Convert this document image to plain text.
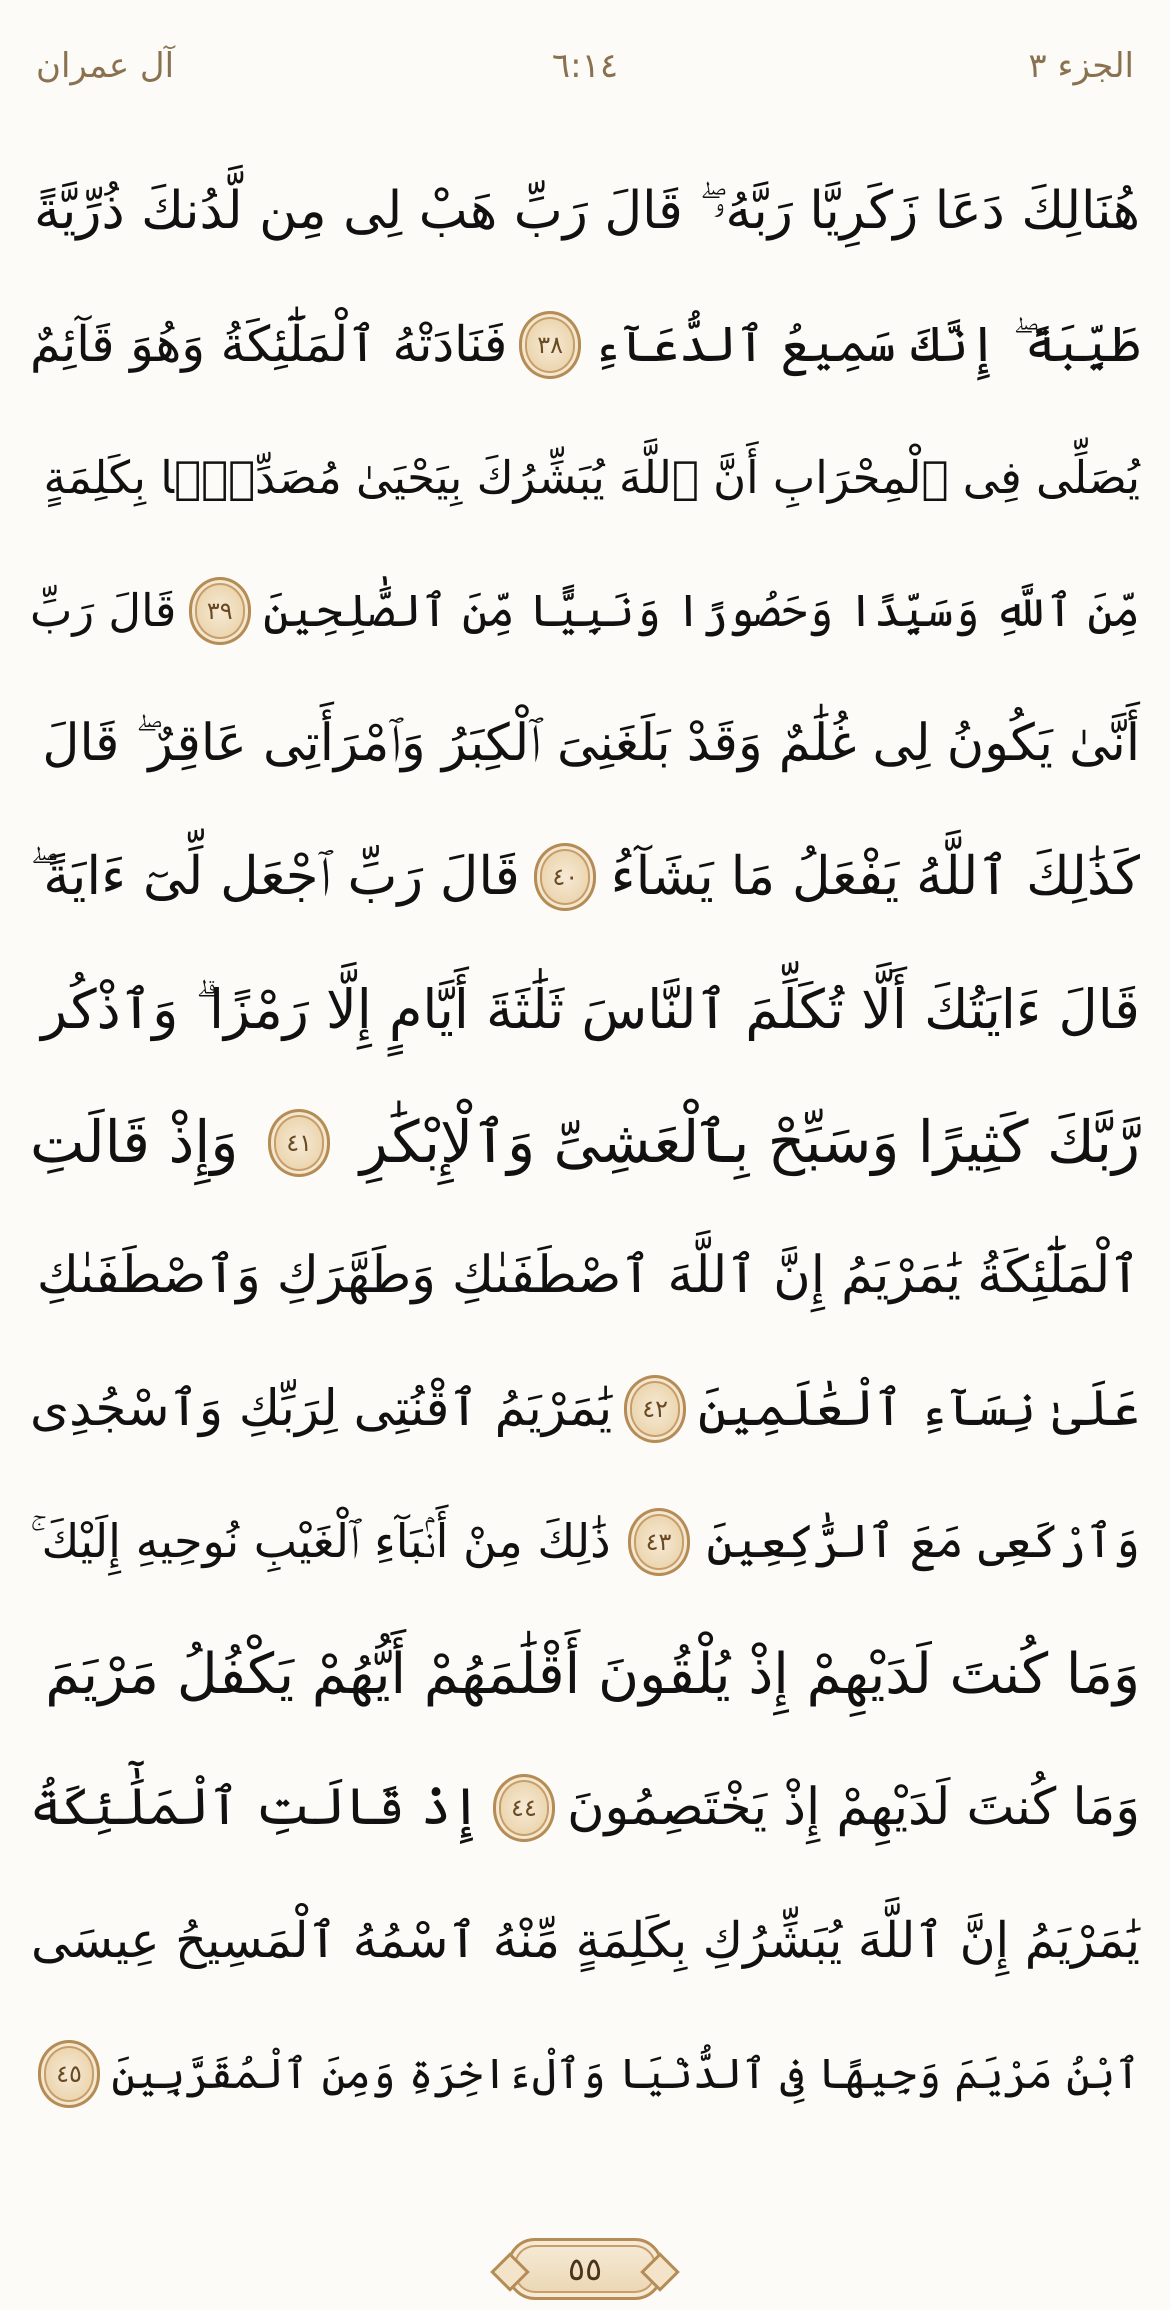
آل عمران	٦:١٤	الجزء ٣
هُنَالِكَ دَعَا زَكَرِيَّا رَبَّهُۥ ۖ قَالَ رَبِّ هَبْ لِى مِن لَّدُنكَ ذُرِّيَّةً
طَيِّبَةً ۖ إِنَّكَ سَمِيعُ ٱلدُّعَآءِ
٣٨
فَنَادَتْهُ ٱلْمَلَٰٓئِكَةُ وَهُوَ قَآئِمٌ
يُصَلِّى فِى ٱلْمِحْرَابِ أَنَّ ٱللَّهَ يُبَشِّرُكَ بِيَحْيَىٰ مُصَدِّقًۢا بِكَلِمَةٍ
مِّنَ ٱللَّهِ وَسَيِّدًا وَحَصُورًا وَنَبِيًّا مِّنَ ٱلصَّٰلِحِينَ
٣٩
قَالَ رَبِّ
أَنَّىٰ يَكُونُ لِى غُلَٰمٌ وَقَدْ بَلَغَنِىَ ٱلْكِبَرُ وَٱمْرَأَتِى عَاقِرٌ ۖ قَالَ
كَذَٰلِكَ ٱللَّهُ يَفْعَلُ مَا يَشَآءُ
٤٠
قَالَ رَبِّ ٱجْعَل لِّىٓ ءَايَةً ۖ
قَالَ ءَايَتُكَ أَلَّا تُكَلِّمَ ٱلنَّاسَ ثَلَٰثَةَ أَيَّامٍ إِلَّا رَمْزًا ۗ وَٱذْكُر
رَّبَّكَ كَثِيرًا وَسَبِّحْ بِٱلْعَشِىِّ وَٱلْإِبْكَٰرِ
٤١
وَإِذْ قَالَتِ
ٱلْمَلَٰٓئِكَةُ يَٰمَرْيَمُ إِنَّ ٱللَّهَ ٱصْطَفَىٰكِ وَطَهَّرَكِ وَٱصْطَفَىٰكِ
عَلَىٰ نِسَآءِ ٱلْعَٰلَمِينَ
٤٢
يَٰمَرْيَمُ ٱقْنُتِى لِرَبِّكِ وَٱسْجُدِى
وَٱرْكَعِى مَعَ ٱلرَّٰكِعِينَ
٤٣
ذَٰلِكَ مِنْ أَنۢبَآءِ ٱلْغَيْبِ نُوحِيهِ إِلَيْكَ ۚ
وَمَا كُنتَ لَدَيْهِمْ إِذْ يُلْقُونَ أَقْلَٰمَهُمْ أَيُّهُمْ يَكْفُلُ مَرْيَمَ
وَمَا كُنتَ لَدَيْهِمْ إِذْ يَخْتَصِمُونَ
٤٤
إِذْ قَالَتِ ٱلْمَلَٰٓئِكَةُ
يَٰمَرْيَمُ إِنَّ ٱللَّهَ يُبَشِّرُكِ بِكَلِمَةٍ مِّنْهُ ٱسْمُهُ ٱلْمَسِيحُ عِيسَى
ٱبْنُ مَرْيَمَ وَجِيهًا فِى ٱلدُّنْيَا وَٱلْءَاخِرَةِ وَمِنَ ٱلْمُقَرَّبِينَ
٤٥
٥٥
